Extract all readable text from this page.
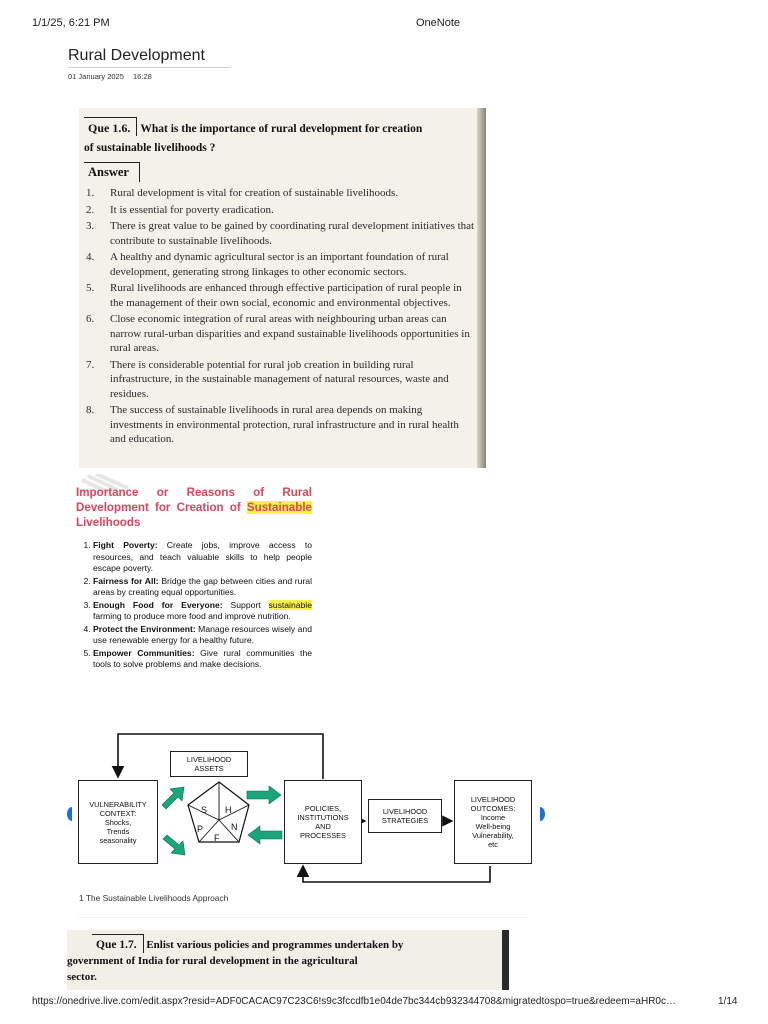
1/1/25, 6:21 PM	OneNote
Rural Development
01 January 2025 16:28
Que 1.6. What is the importance of rural development for creation
of sustainable livelihoods ?
Answer
1. Rural development is vital for creation of sustainable livelihoods.
2. It is essential for poverty eradication.
3. There is great value to be gained by coordinating rural development initiatives that contribute to sustainable livelihoods.
4. A healthy and dynamic agricultural sector is an important foundation of rural development, generating strong linkages to other economic sectors.
5. Rural livelihoods are enhanced through effective participation of rural people in the management of their own social, economic and environmental objectives.
6. Close economic integration of rural areas with neighbouring urban areas can narrow rural-urban disparities and expand sustainable livelihoods opportunities in rural areas.
7. There is considerable potential for rural job creation in building rural infrastructure, in the sustainable management of natural resources, waste and residues.
8. The success of sustainable livelihoods in rural area depends on making investments in environmental protection, rural infrastructure and in rural health and education.
Importance or Reasons of Rural Development for Creation of Sustainable Livelihoods
1. Fight Poverty: Create jobs, improve access to resources, and teach valuable skills to help people escape poverty.
2. Fairness for All: Bridge the gap between cities and rural areas by creating equal opportunities.
3. Enough Food for Everyone: Support sustainable farming to produce more food and improve nutrition.
4. Protect the Environment: Manage resources wisely and use renewable energy for a healthy future.
5. Empower Communities: Give rural communities the tools to solve problems and make decisions.
S H
P	N
F
LIVELIHOOD
ASSETS
VULNERABILITY
CONTEXT:
Shocks,
Trends
seasonality
POLICIES,
INSTITUTIONS
AND
PROCESSES
LIVELIHOOD
STRATEGIES
LIVELIHOOD
OUTCOMES:
Income
Well-being
Vulnerability,
etc
1 The Sustainable Livelihoods Approach
Que 1.7. Enlist various policies and programmes undertaken by
government of India for rural development in the agricultural
sector.
https://onedrive.live.com/edit.aspx?resid=ADF0CACAC97C23C6!s9c3fccdfb1e04de7bc344cb932344708&migratedtospo=true&redeem=aHR0c…	1/14
